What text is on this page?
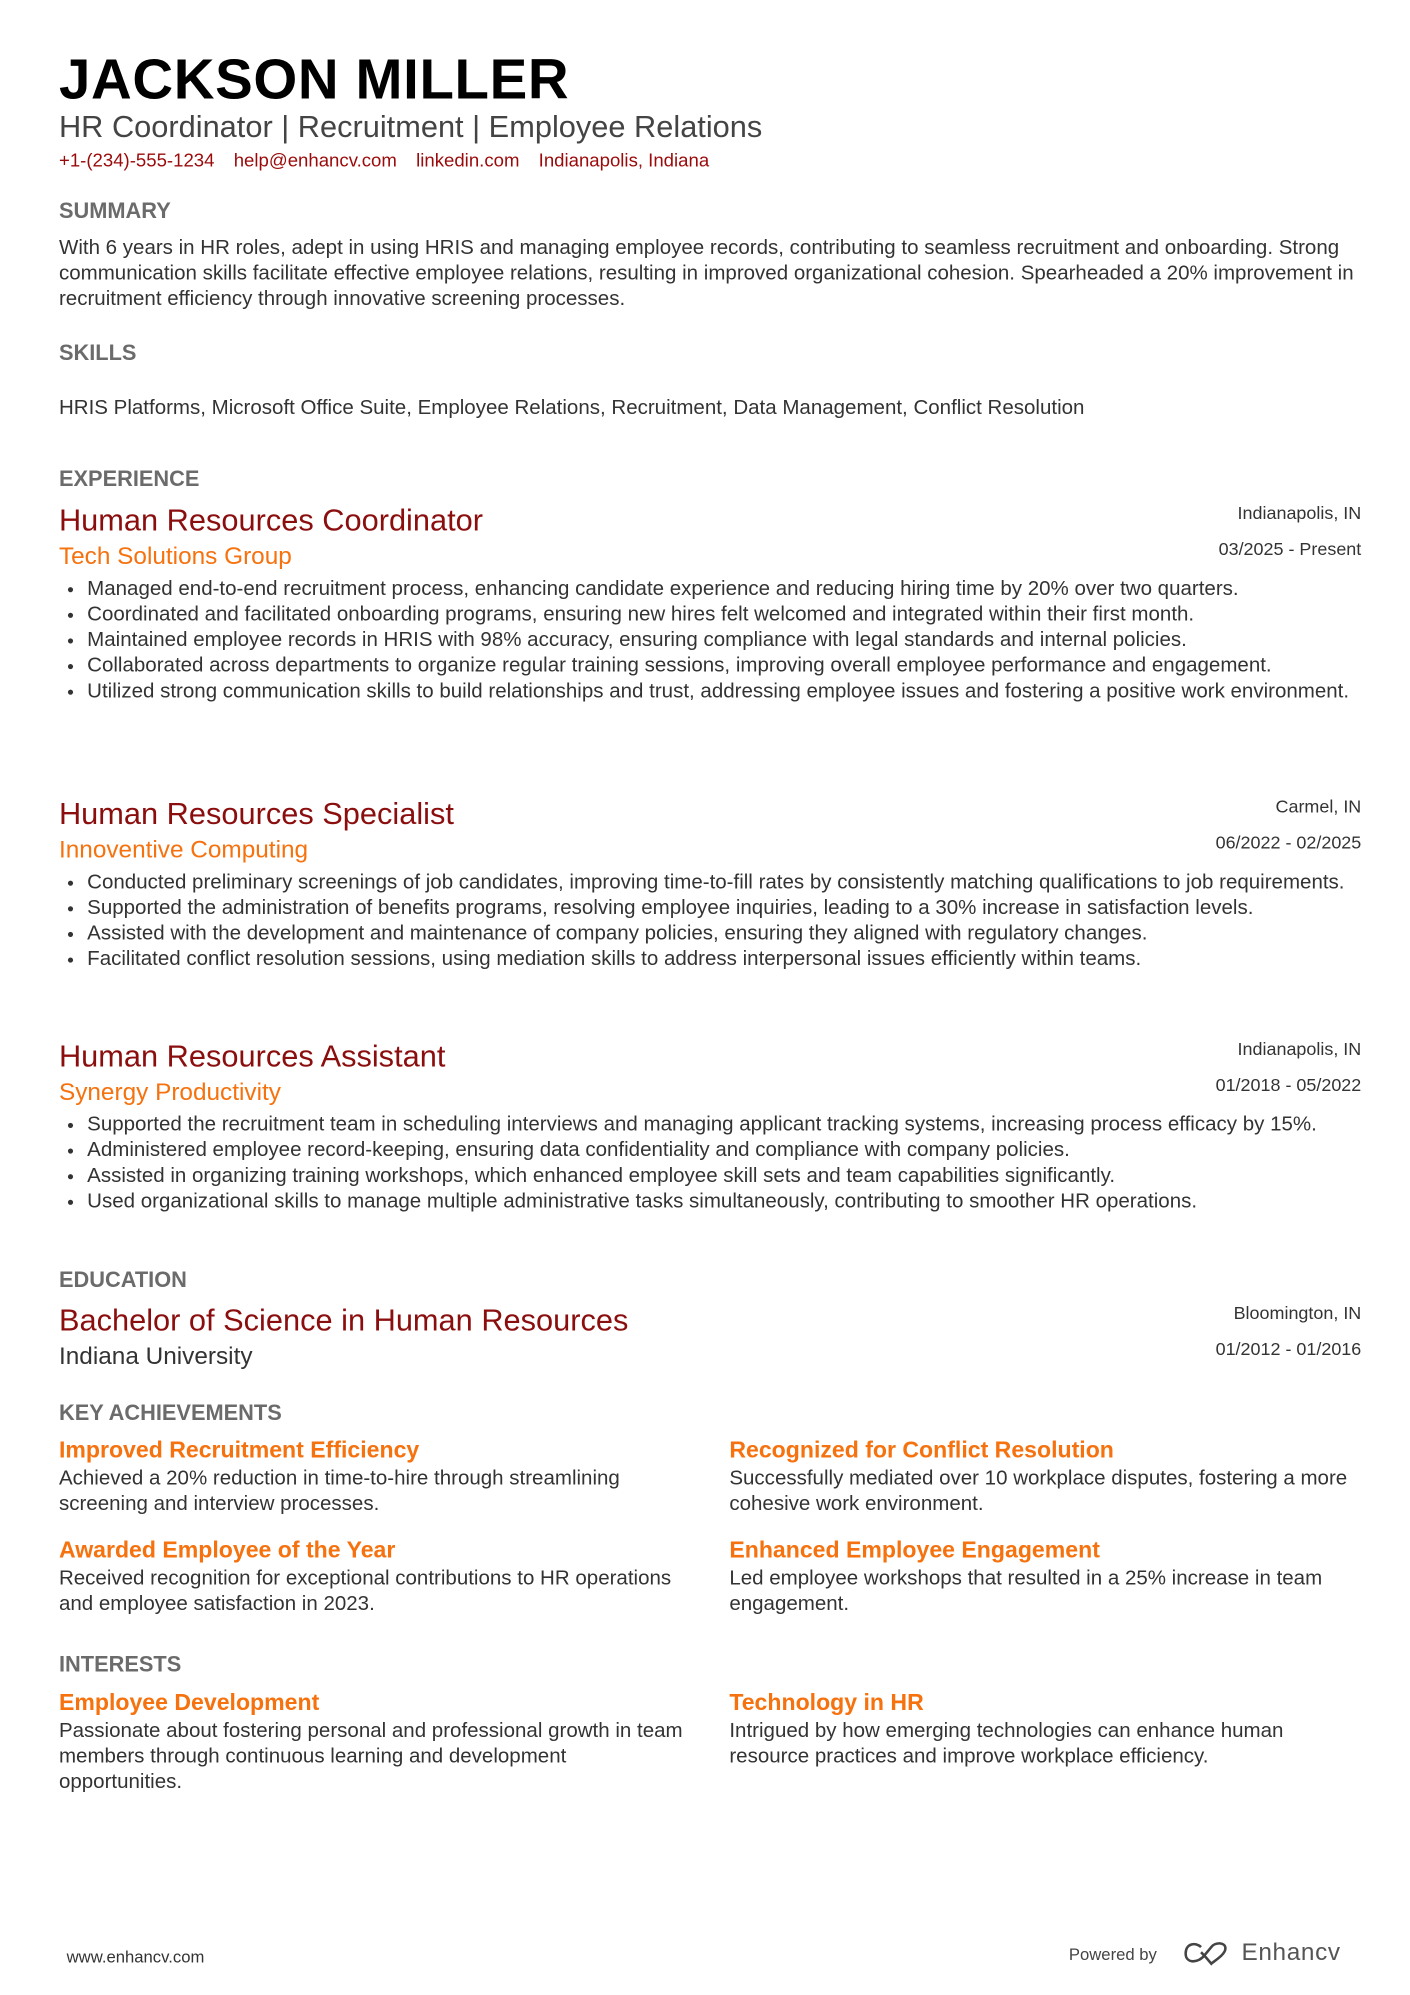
JACKSON MILLER
HR Coordinator | Recruitment | Employee Relations
+1-(234)-555-1234 help@enhancv.com linkedin.com Indianapolis, Indiana
SUMMARY
With 6 years in HR roles, adept in using HRIS and managing employee records, contributing to seamless recruitment and onboarding. Strong communication skills facilitate effective employee relations, resulting in improved organizational cohesion. Spearheaded a 20% improvement in recruitment efficiency through innovative screening processes.
SKILLS
HRIS Platforms, Microsoft Office Suite, Employee Relations, Recruitment, Data Management, Conflict Resolution
EXPERIENCE
Human Resources Coordinator
Tech Solutions Group
Indianapolis, IN
03/2025 - Present
• Managed end-to-end recruitment process, enhancing candidate experience and reducing hiring time by 20% over two quarters.
• Coordinated and facilitated onboarding programs, ensuring new hires felt welcomed and integrated within their first month.
• Maintained employee records in HRIS with 98% accuracy, ensuring compliance with legal standards and internal policies.
• Collaborated across departments to organize regular training sessions, improving overall employee performance and engagement.
• Utilized strong communication skills to build relationships and trust, addressing employee issues and fostering a positive work environment.
Human Resources Specialist
Innoventive Computing
Carmel, IN
06/2022 - 02/2025
• Conducted preliminary screenings of job candidates, improving time-to-fill rates by consistently matching qualifications to job requirements.
• Supported the administration of benefits programs, resolving employee inquiries, leading to a 30% increase in satisfaction levels.
• Assisted with the development and maintenance of company policies, ensuring they aligned with regulatory changes.
• Facilitated conflict resolution sessions, using mediation skills to address interpersonal issues efficiently within teams.
Human Resources Assistant
Synergy Productivity
Indianapolis, IN
01/2018 - 05/2022
• Supported the recruitment team in scheduling interviews and managing applicant tracking systems, increasing process efficacy by 15%.
• Administered employee record-keeping, ensuring data confidentiality and compliance with company policies.
• Assisted in organizing training workshops, which enhanced employee skill sets and team capabilities significantly.
• Used organizational skills to manage multiple administrative tasks simultaneously, contributing to smoother HR operations.
EDUCATION
Bachelor of Science in Human Resources
Indiana University
Bloomington, IN
01/2012 - 01/2016
KEY ACHIEVEMENTS
Improved Recruitment Efficiency
Achieved a 20% reduction in time-to-hire through streamlining screening and interview processes.
Recognized for Conflict Resolution
Successfully mediated over 10 workplace disputes, fostering a more cohesive work environment.
Awarded Employee of the Year
Received recognition for exceptional contributions to HR operations and employee satisfaction in 2023.
Enhanced Employee Engagement
Led employee workshops that resulted in a 25% increase in team engagement.
INTERESTS
Employee Development
Passionate about fostering personal and professional growth in team members through continuous learning and development opportunities.
Technology in HR
Intrigued by how emerging technologies can enhance human resource practices and improve workplace efficiency.
www.enhancv.com	Powered by	Enhancv
